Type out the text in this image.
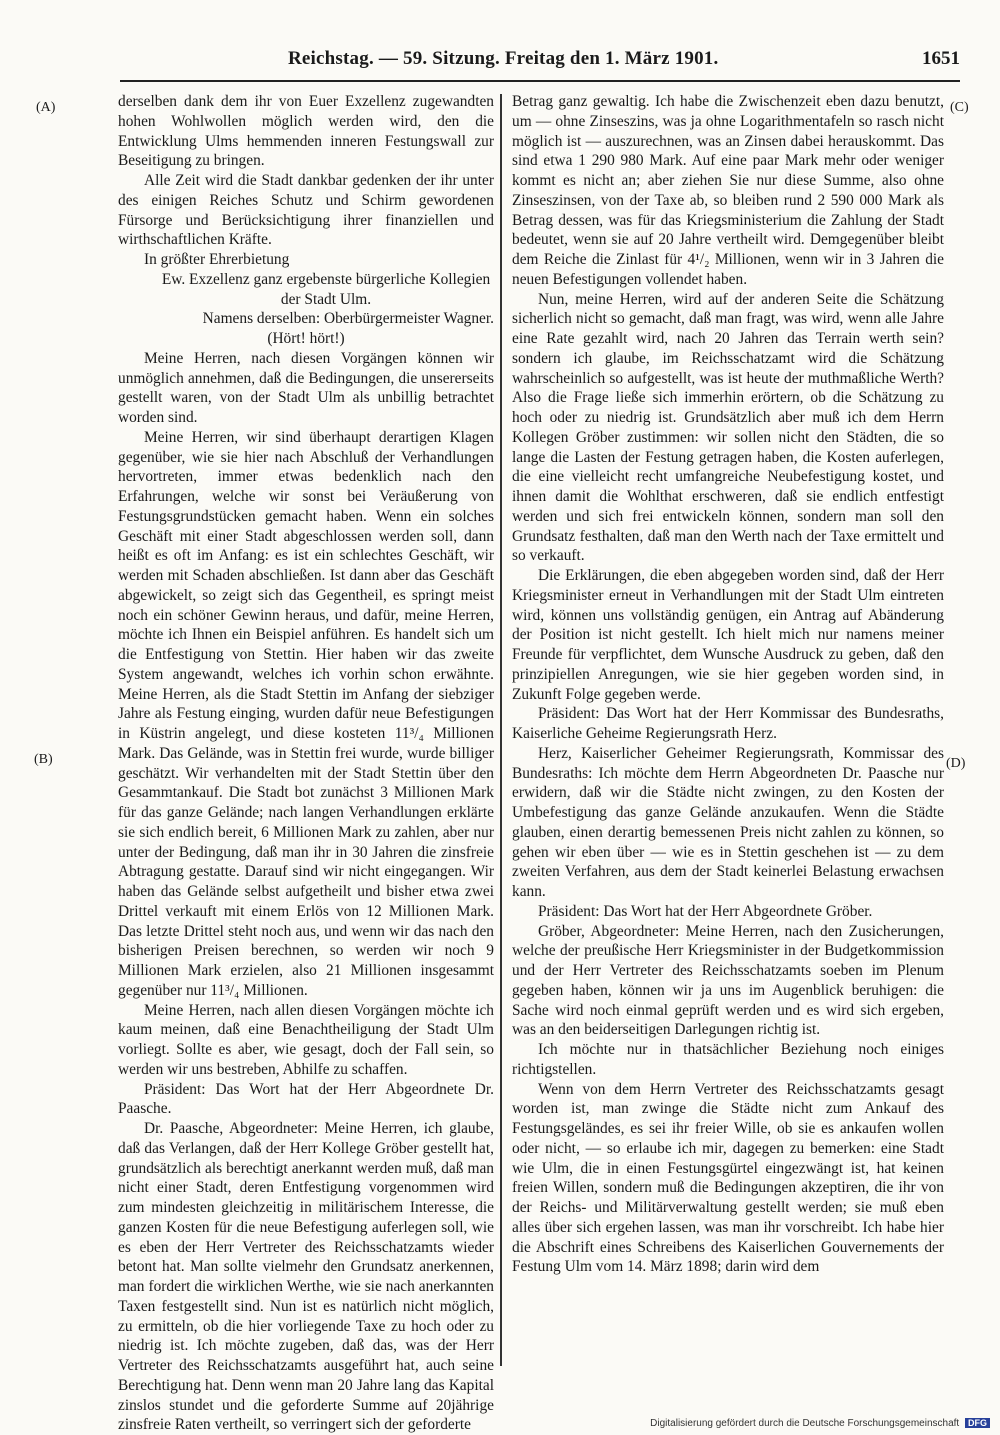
Reichstag. — 59. Sitzung. Freitag den 1. März 1901.	1651
(A)
(B)
(C)
(D)

derselben dank dem ihr von Euer Exzellenz zugewandten hohen Wohlwollen möglich werden wird, den die Entwicklung Ulms hemmenden inneren Festungswall zur Beseitigung zu bringen.

Alle Zeit wird die Stadt dankbar gedenken der ihr unter des einigen Reiches Schutz und Schirm gewordenen Fürsorge und Berücksichtigung ihrer finanziellen und wirthschaftlichen Kräfte.

In größter Ehrerbietung

Ew. Exzellenz ganz ergebenste bürgerliche Kollegien der Stadt Ulm.

Namens derselben: Oberbürgermeister Wagner.

(Hört! hört!)

Meine Herren, nach diesen Vorgängen können wir unmöglich annehmen, daß die Bedingungen, die unsererseits gestellt waren, von der Stadt Ulm als unbillig betrachtet worden sind.

Meine Herren, wir sind überhaupt derartigen Klagen gegenüber, wie sie hier nach Abschluß der Verhandlungen hervortreten, immer etwas bedenklich nach den Erfahrungen, welche wir sonst bei Veräußerung von Festungsgrundstücken gemacht haben. Wenn ein solches Geschäft mit einer Stadt abgeschlossen werden soll, dann heißt es oft im Anfang: es ist ein schlechtes Geschäft, wir werden mit Schaden abschließen. Ist dann aber das Geschäft abgewickelt, so zeigt sich das Gegentheil, es springt meist noch ein schöner Gewinn heraus, und dafür, meine Herren, möchte ich Ihnen ein Beispiel anführen. Es handelt sich um die Entfestigung von Stettin. Hier haben wir das zweite System angewandt, welches ich vorhin schon erwähnte. Meine Herren, als die Stadt Stettin im Anfang der siebziger Jahre als Festung einging, wurden dafür neue Befestigungen in Küstrin angelegt, und diese kosteten 11³/₄ Millionen Mark. Das Gelände, was in Stettin frei wurde, wurde billiger geschätzt. Wir verhandelten mit der Stadt Stettin über den Gesammtankauf. Die Stadt bot zunächst 3 Millionen Mark für das ganze Gelände; nach langen Verhandlungen erklärte sie sich endlich bereit, 6 Millionen Mark zu zahlen, aber nur unter der Bedingung, daß man ihr in 30 Jahren die zinsfreie Abtragung gestatte. Darauf sind wir nicht eingegangen. Wir haben das Gelände selbst aufgetheilt und bisher etwa zwei Drittel verkauft mit einem Erlös von 12 Millionen Mark. Das letzte Drittel steht noch aus, und wenn wir das nach den bisherigen Preisen berechnen, so werden wir noch 9 Millionen Mark erzielen, also 21 Millionen insgesammt gegenüber nur 11³/₄ Millionen.

Meine Herren, nach allen diesen Vorgängen möchte ich kaum meinen, daß eine Benachtheiligung der Stadt Ulm vorliegt. Sollte es aber, wie gesagt, doch der Fall sein, so werden wir uns bestreben, Abhilfe zu schaffen.

Präsident: Das Wort hat der Herr Abgeordnete Dr. Paasche.

Dr. Paasche, Abgeordneter: Meine Herren, ich glaube, daß das Verlangen, daß der Herr Kollege Gröber gestellt hat, grundsätzlich als berechtigt anerkannt werden muß, daß man nicht einer Stadt, deren Entfestigung vorgenommen wird zum mindesten gleichzeitig in militärischem Interesse, die ganzen Kosten für die neue Befestigung auferlegen soll, wie es eben der Herr Vertreter des Reichsschatzamts wieder betont hat. Man sollte vielmehr den Grundsatz anerkennen, man fordert die wirklichen Werthe, wie sie nach anerkannten Taxen festgestellt sind. Nun ist es natürlich nicht möglich, zu ermitteln, ob die hier vorliegende Taxe zu hoch oder zu niedrig ist. Ich möchte zugeben, daß das, was der Herr Vertreter des Reichsschatzamts ausgeführt hat, auch seine Berechtigung hat. Denn wenn man 20 Jahre lang das Kapital zinslos stundet und die geforderte Summe auf 20jährige zinsfreie Raten vertheilt, so verringert sich der geforderte

Betrag ganz gewaltig. Ich habe die Zwischenzeit eben dazu benutzt, um — ohne Zinseszins, was ja ohne Logarithmentafeln so rasch nicht möglich ist — auszurechnen, was an Zinsen dabei herauskommt. Das sind etwa 1 290 980 Mark. Auf eine paar Mark mehr oder weniger kommt es nicht an; aber ziehen Sie nur diese Summe, also ohne Zinseszinsen, von der Taxe ab, so bleiben rund 2 590 000 Mark als Betrag dessen, was für das Kriegsministerium die Zahlung der Stadt bedeutet, wenn sie auf 20 Jahre vertheilt wird. Demgegenüber bleibt dem Reiche die Zinlast für 4¹/₂ Millionen, wenn wir in 3 Jahren die neuen Befestigungen vollendet haben.

Nun, meine Herren, wird auf der anderen Seite die Schätzung sicherlich nicht so gemacht, daß man fragt, was wird, wenn alle Jahre eine Rate gezahlt wird, nach 20 Jahren das Terrain werth sein? sondern ich glaube, im Reichsschatzamt wird die Schätzung wahrscheinlich so aufgestellt, was ist heute der muthmaßliche Werth? Also die Frage ließe sich immerhin erörtern, ob die Schätzung zu hoch oder zu niedrig ist. Grundsätzlich aber muß ich dem Herrn Kollegen Gröber zustimmen: wir sollen nicht den Städten, die so lange die Lasten der Festung getragen haben, die Kosten auferlegen, die eine vielleicht recht umfangreiche Neubefestigung kostet, und ihnen damit die Wohlthat erschweren, daß sie endlich entfestigt werden und sich frei entwickeln können, sondern man soll den Grundsatz festhalten, daß man den Werth nach der Taxe ermittelt und so verkauft.

Die Erklärungen, die eben abgegeben worden sind, daß der Herr Kriegsminister erneut in Verhandlungen mit der Stadt Ulm eintreten wird, können uns vollständig genügen, ein Antrag auf Abänderung der Position ist nicht gestellt. Ich hielt mich nur namens meiner Freunde für verpflichtet, dem Wunsche Ausdruck zu geben, daß den prinzipiellen Anregungen, wie sie hier gegeben worden sind, in Zukunft Folge gegeben werde.

Präsident: Das Wort hat der Herr Kommissar des Bundesraths, Kaiserliche Geheime Regierungsrath Herz.

Herz, Kaiserlicher Geheimer Regierungsrath, Kommissar des Bundesraths: Ich möchte dem Herrn Abgeordneten Dr. Paasche nur erwidern, daß wir die Städte nicht zwingen, zu den Kosten der Umbefestigung das ganze Gelände anzukaufen. Wenn die Städte glauben, einen derartig bemessenen Preis nicht zahlen zu können, so gehen wir eben über — wie es in Stettin geschehen ist — zu dem zweiten Verfahren, aus dem der Stadt keinerlei Belastung erwachsen kann.

Präsident: Das Wort hat der Herr Abgeordnete Gröber.

Gröber, Abgeordneter: Meine Herren, nach den Zusicherungen, welche der preußische Herr Kriegsminister in der Budgetkommission und der Herr Vertreter des Reichsschatzamts soeben im Plenum gegeben haben, können wir ja uns im Augenblick beruhigen: die Sache wird noch einmal geprüft werden und es wird sich ergeben, was an den beiderseitigen Darlegungen richtig ist.

Ich möchte nur in thatsächlicher Beziehung noch einiges richtigstellen.

Wenn von dem Herrn Vertreter des Reichsschatzamts gesagt worden ist, man zwinge die Städte nicht zum Ankauf des Festungsgeländes, es sei ihr freier Wille, ob sie es ankaufen wollen oder nicht, — so erlaube ich mir, dagegen zu bemerken: eine Stadt wie Ulm, die in einen Festungsgürtel eingezwängt ist, hat keinen freien Willen, sondern muß die Bedingungen akzeptiren, die ihr von der Reichs- und Militärverwaltung gestellt werden; sie muß eben alles über sich ergehen lassen, was man ihr vorschreibt. Ich habe hier die Abschrift eines Schreibens des Kaiserlichen Gouvernements der Festung Ulm vom 14. März 1898; darin wird dem

Digitalisierung gefördert durch die Deutsche Forschungsgemeinschaft DFG
